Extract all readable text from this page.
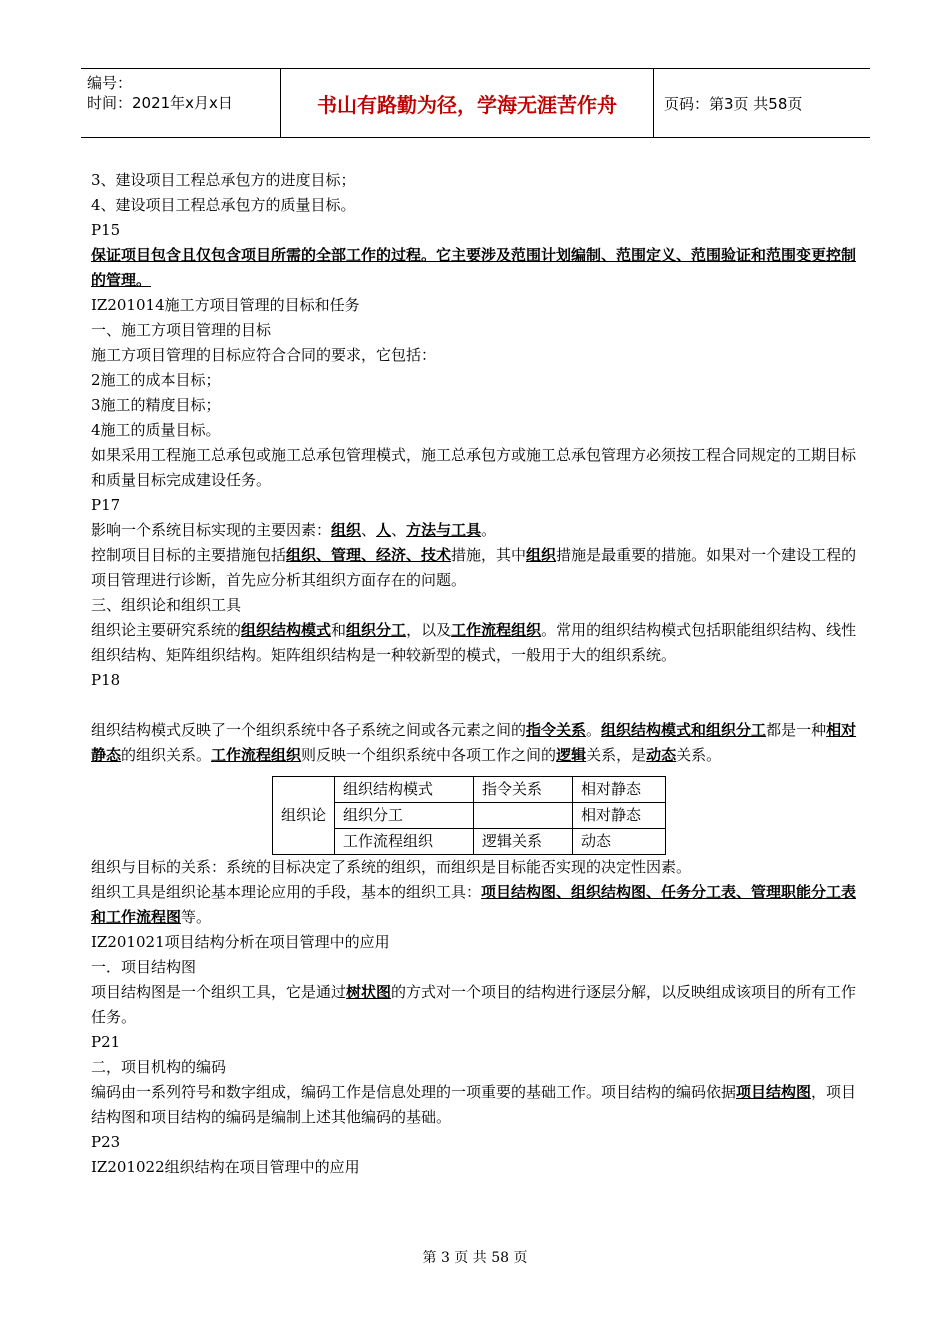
编号：
时间：2021年x月x日	书山有路勤为径，学海无涯苦作舟	页码：第3页 共58页

3、建设项目工程总承包方的进度目标；

4、建设项目工程总承包方的质量目标。

P15

保证项目包含且仅包含项目所需的全部工作的过程。它主要涉及范围计划编制、范围定义、范围验证和范围变更控制的管理。

IZ201014施工方项目管理的目标和任务

一、施工方项目管理的目标

施工方项目管理的目标应符合合同的要求，它包括：

2施工的成本目标；

3施工的精度目标；

4施工的质量目标。

如果采用工程施工总承包或施工总承包管理模式，施工总承包方或施工总承包管理方必须按工程合同规定的工期目标和质量目标完成建设任务。

P17

影响一个系统目标实现的主要因素：组织、人、方法与工具。

控制项目目标的主要措施包括组织、管理、经济、技术措施，其中组织措施是最重要的措施。如果对一个建设工程的项目管理进行诊断，首先应分析其组织方面存在的问题。

三、组织论和组织工具

组织论主要研究系统的组织结构模式和组织分工，以及工作流程组织。常用的组织结构模式包括职能组织结构、线性组织结构、矩阵组织结构。矩阵组织结构是一种较新型的模式，一般用于大的组织系统。

P18

组织结构模式反映了一个组织系统中各子系统之间或各元素之间的指令关系。组织结构模式和组织分工都是一种相对静态的组织关系。工作流程组织则反映一个组织系统中各项工作之间的逻辑关系，是动态关系。

组织论	组织结构模式	指令关系	相对静态
	组织分工		相对静态
	工作流程组织	逻辑关系	动态

组织与目标的关系：系统的目标决定了系统的组织，而组织是目标能否实现的决定性因素。

组织工具是组织论基本理论应用的手段，基本的组织工具：项目结构图、组织结构图、任务分工表、管理职能分工表和工作流程图等。

IZ201021项目结构分析在项目管理中的应用

一．项目结构图

项目结构图是一个组织工具，它是通过树状图的方式对一个项目的结构进行逐层分解，以反映组成该项目的所有工作任务。

P21

二，项目机构的编码

编码由一系列符号和数字组成，编码工作是信息处理的一项重要的基础工作。项目结构的编码依据项目结构图，项目结构图和项目结构的编码是编制上述其他编码的基础。

P23

IZ201022组织结构在项目管理中的应用

第 3 页 共 58 页
